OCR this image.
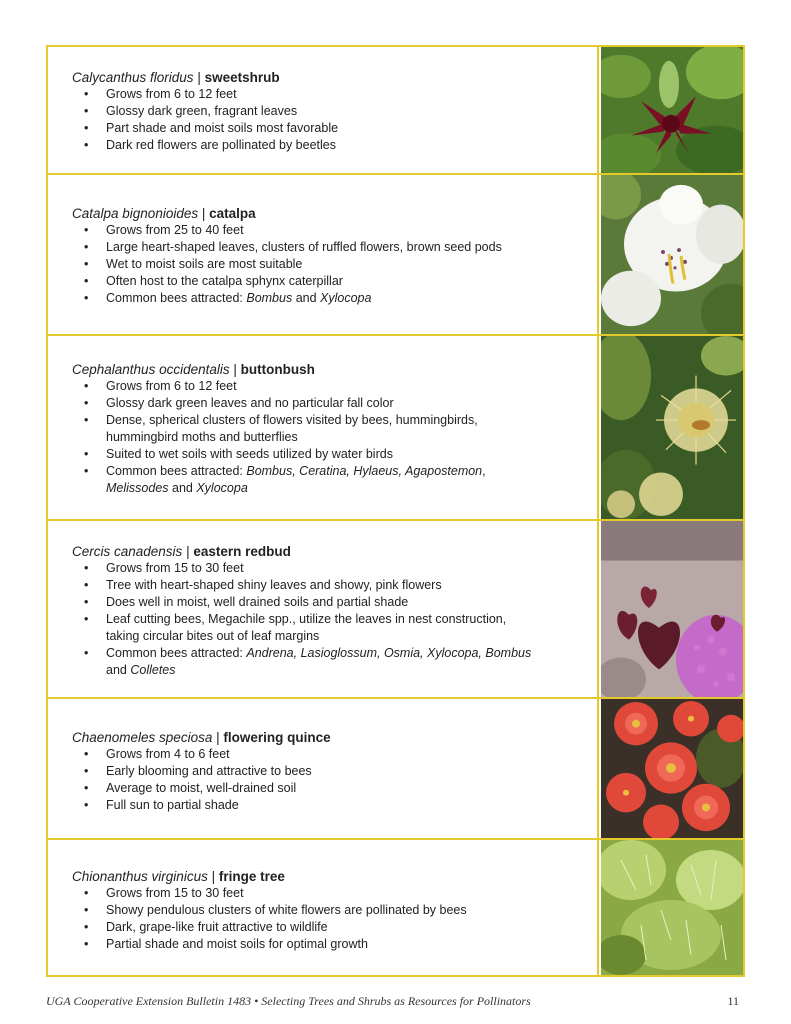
Calycanthus floridus | sweetshrub
• Grows from 6 to 12 feet
• Glossy dark green, fragrant leaves
• Part shade and moist soils most favorable
• Dark red flowers are pollinated by beetles
Catalpa bignonioides | catalpa
• Grows from 25 to 40 feet
• Large heart-shaped leaves, clusters of ruffled flowers, brown seed pods
• Wet to moist soils are most suitable
• Often host to the catalpa sphynx caterpillar
• Common bees attracted: Bombus and Xylocopa
Cephalanthus occidentalis | buttonbush
• Grows from 6 to 12 feet
• Glossy dark green leaves and no particular fall color
• Dense, spherical clusters of flowers visited by bees, hummingbirds,
hummingbird moths and butterflies
• Suited to wet soils with seeds utilized by water birds
• Common bees attracted: Bombus, Ceratina, Hylaeus, Agapostemon,
Melissodes and Xylocopa
Cercis canadensis | eastern redbud
• Grows from 15 to 30 feet
• Tree with heart-shaped shiny leaves and showy, pink flowers
• Does well in moist, well drained soils and partial shade
• Leaf cutting bees, Megachile spp., utilize the leaves in nest construction,
taking circular bites out of leaf margins
• Common bees attracted: Andrena, Lasioglossum, Osmia, Xylocopa, Bombus
and Colletes
Chaenomeles speciosa | flowering quince
• Grows from 4 to 6 feet
• Early blooming and attractive to bees
• Average to moist, well-drained soil
• Full sun to partial shade
Chionanthus virginicus | fringe tree
• Grows from 15 to 30 feet
• Showy pendulous clusters of white flowers are pollinated by bees
• Dark, grape-like fruit attractive to wildlife
• Partial shade and moist soils for optimal growth
UGA Cooperative Extension Bulletin 1483 • Selecting Trees and Shrubs as Resources for Pollinators	11
